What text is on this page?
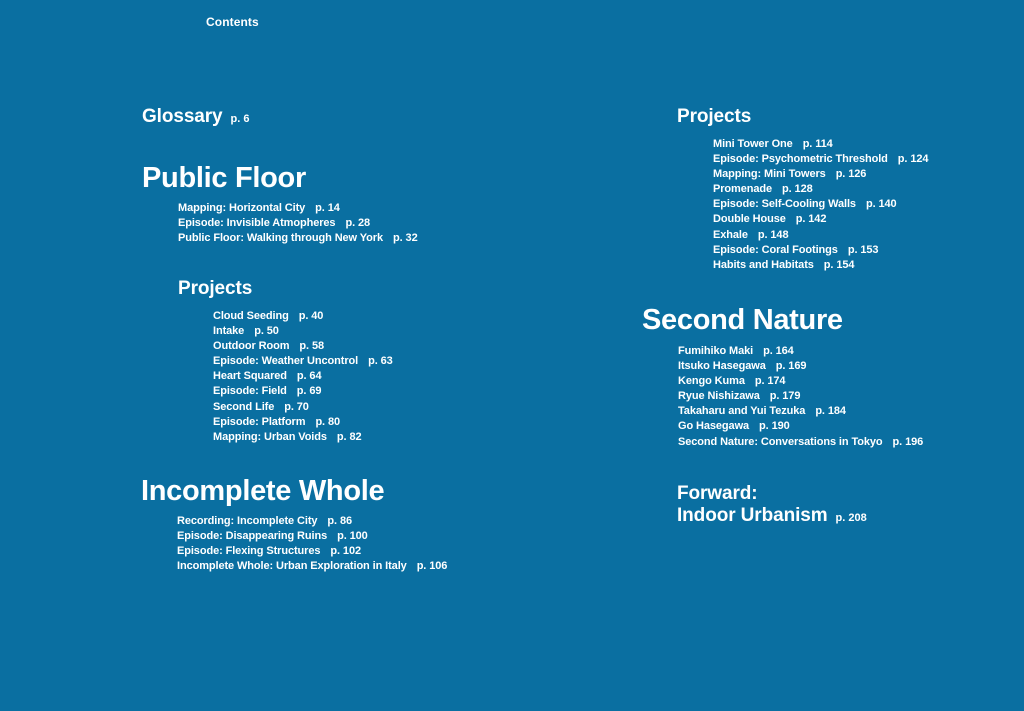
Contents
Glossary p. 6
Public Floor
Mapping: Horizontal City p. 14
Episode: Invisible Atmopheres p. 28
Public Floor: Walking through New York p. 32
Projects
Cloud Seeding p. 40
Intake p. 50
Outdoor Room p. 58
Episode: Weather Uncontrol p. 63
Heart Squared p. 64
Episode: Field p. 69
Second Life p. 70
Episode: Platform p. 80
Mapping: Urban Voids p. 82
Incomplete Whole
Recording: Incomplete City p. 86
Episode: Disappearing Ruins p. 100
Episode: Flexing Structures p. 102
Incomplete Whole: Urban Exploration in Italy p. 106
Projects
Mini Tower One p. 114
Episode: Psychometric Threshold p. 124
Mapping: Mini Towers p. 126
Promenade p. 128
Episode: Self-Cooling Walls p. 140
Double House p. 142
Exhale p. 148
Episode: Coral Footings p. 153
Habits and Habitats p. 154
Second Nature
Fumihiko Maki p. 164
Itsuko Hasegawa p. 169
Kengo Kuma p. 174
Ryue Nishizawa p. 179
Takaharu and Yui Tezuka p. 184
Go Hasegawa p. 190
Second Nature: Conversations in Tokyo p. 196
Forward:
Indoor Urbanism p. 208
